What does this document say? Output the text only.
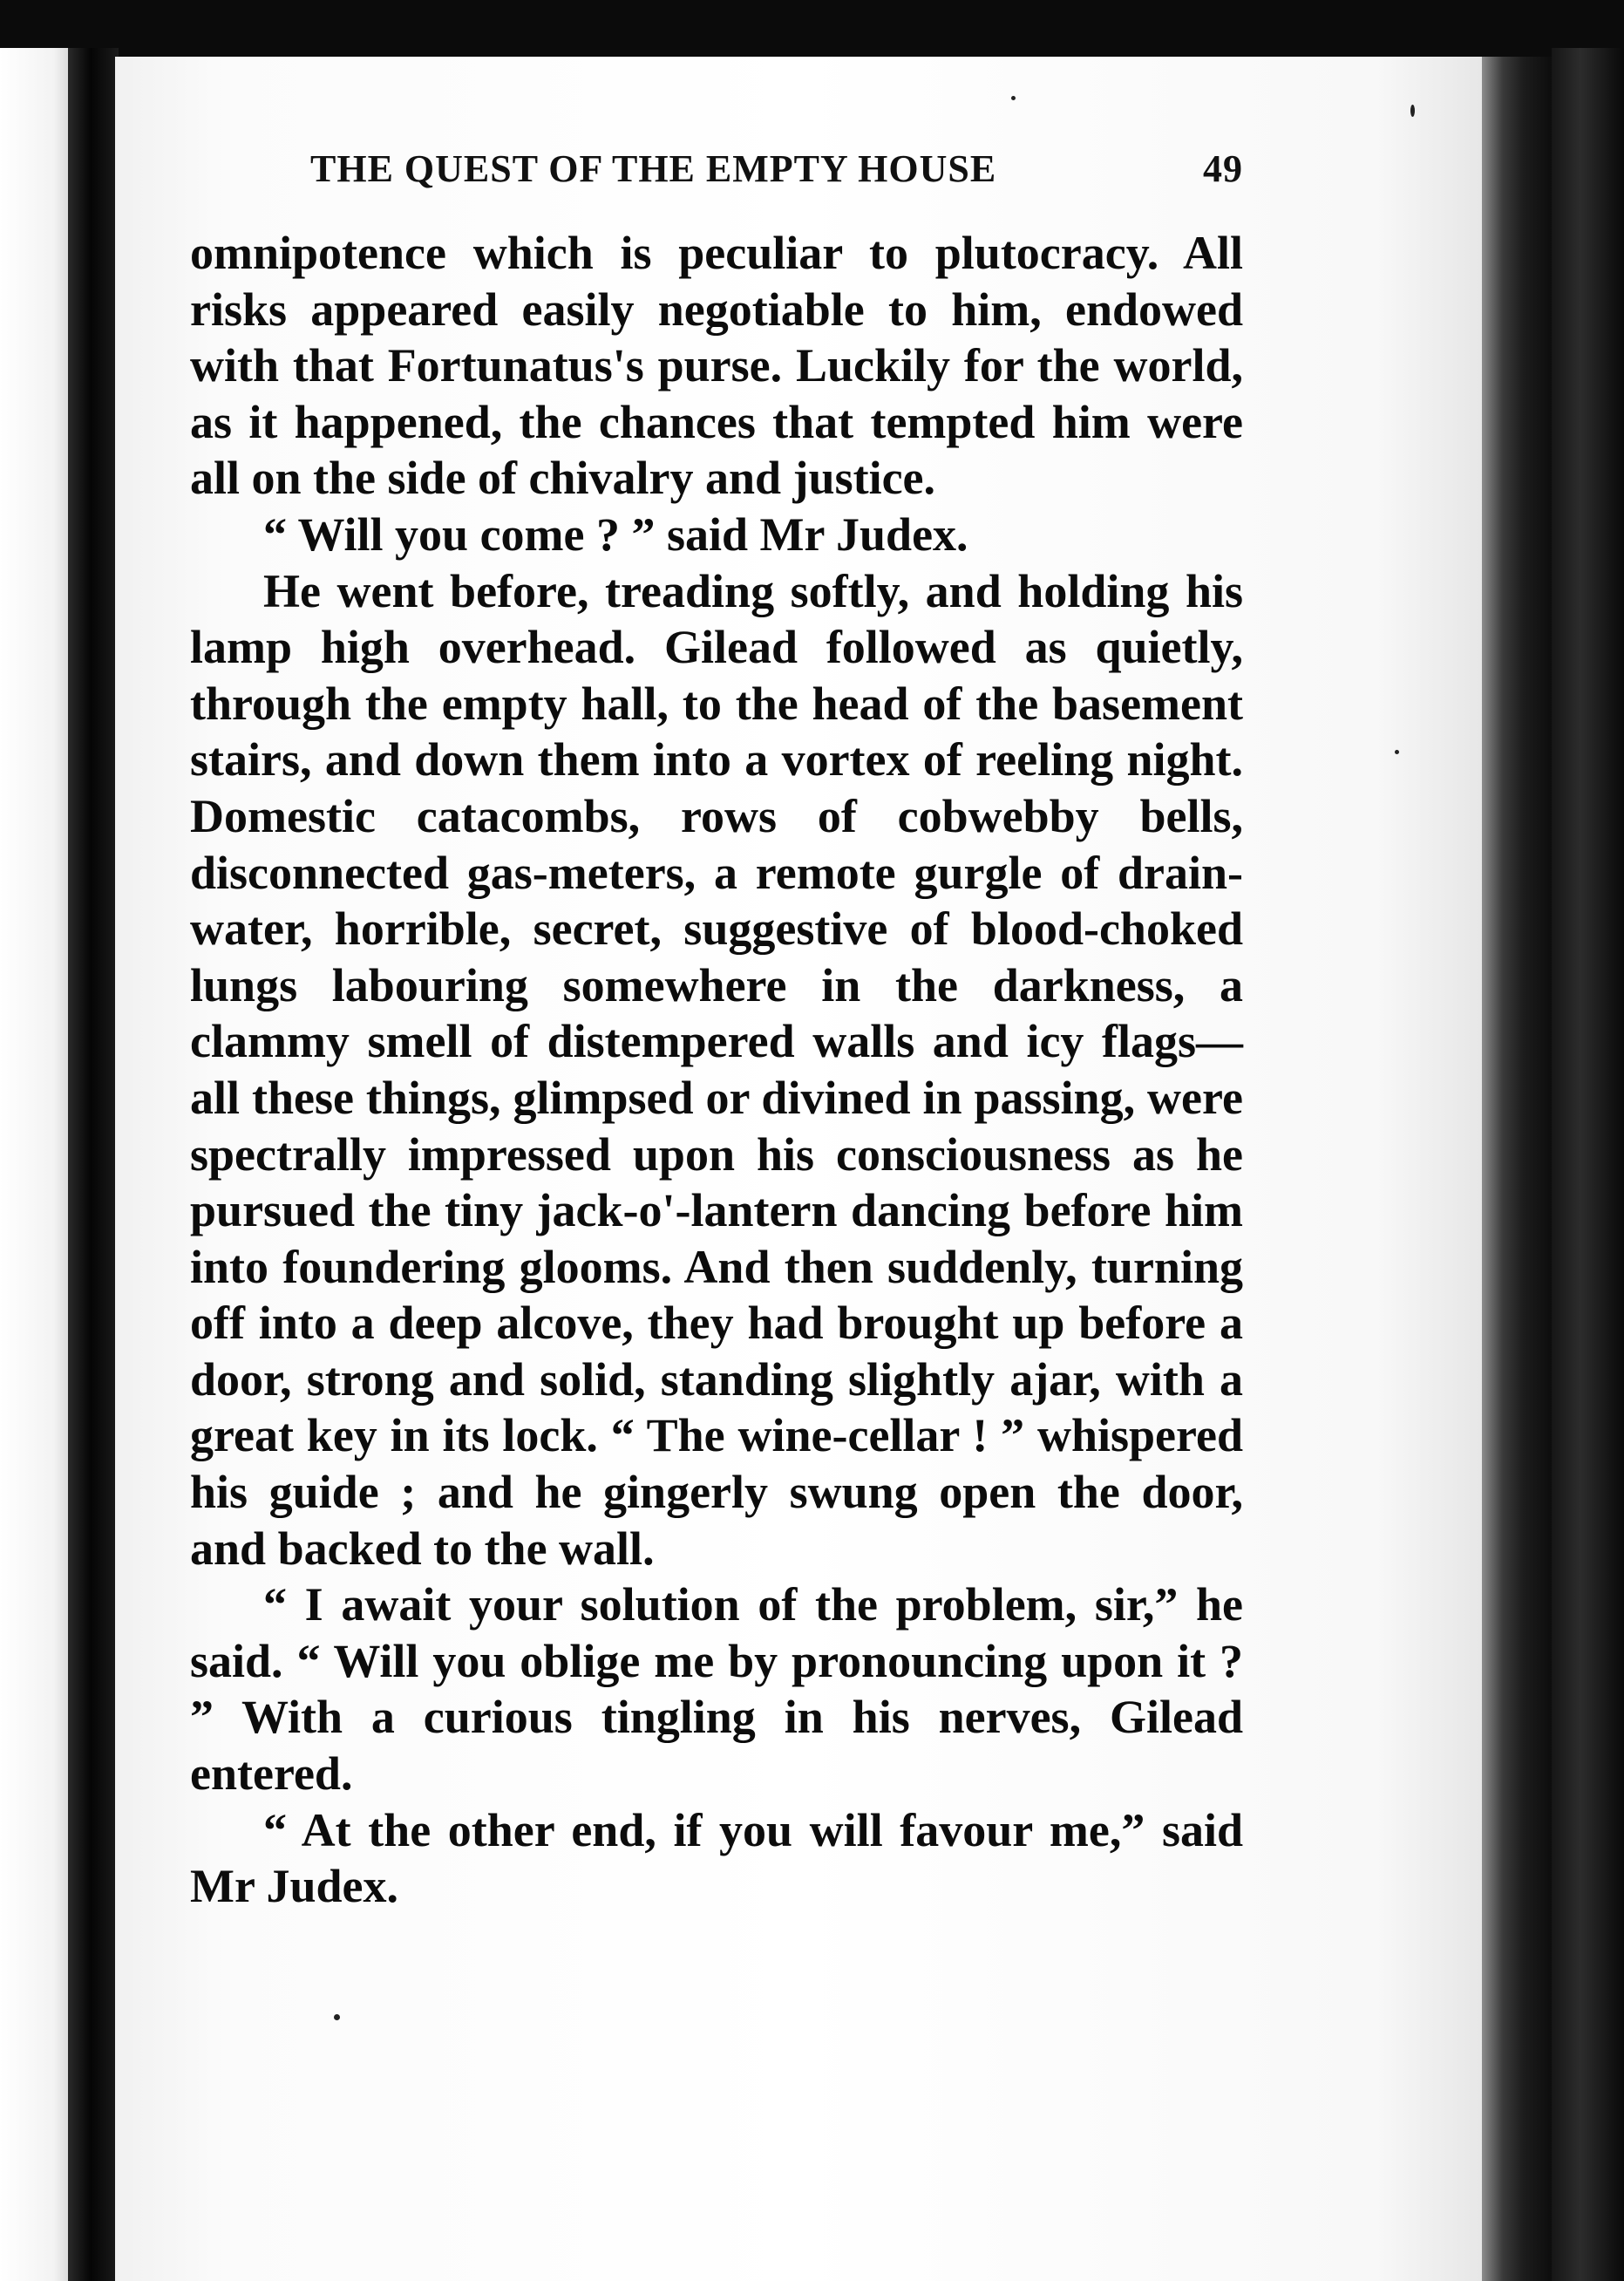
THE QUEST OF THE EMPTY HOUSE	49

omnipotence which is peculiar to plutocracy. All risks appeared easily negotiable to him, endowed with that Fortunatus's purse. Luckily for the world, as it happened, the chances that tempted him were all on the side of chivalry and justice.

“ Will you come ? ” said Mr Judex.

He went before, treading softly, and holding his lamp high overhead. Gilead followed as quietly, through the empty hall, to the head of the basement stairs, and down them into a vortex of reeling night. Domestic catacombs, rows of cobwebby bells, disconnected gas-meters, a remote gurgle of drain-water, horrible, secret, suggestive of blood-choked lungs labouring somewhere in the darkness, a clammy smell of distempered walls and icy flags—all these things, glimpsed or divined in passing, were spectrally impressed upon his consciousness as he pursued the tiny jack-o'-lantern dancing before him into foundering glooms. And then suddenly, turning off into a deep alcove, they had brought up before a door, strong and solid, standing slightly ajar, with a great key in its lock. “ The wine-cellar ! ” whispered his guide ; and he gingerly swung open the door, and backed to the wall.

“ I await your solution of the problem, sir,” he said. “ Will you oblige me by pronouncing upon it ? ” With a curious tingling in his nerves, Gilead entered.

“ At the other end, if you will favour me,” said Mr Judex.
